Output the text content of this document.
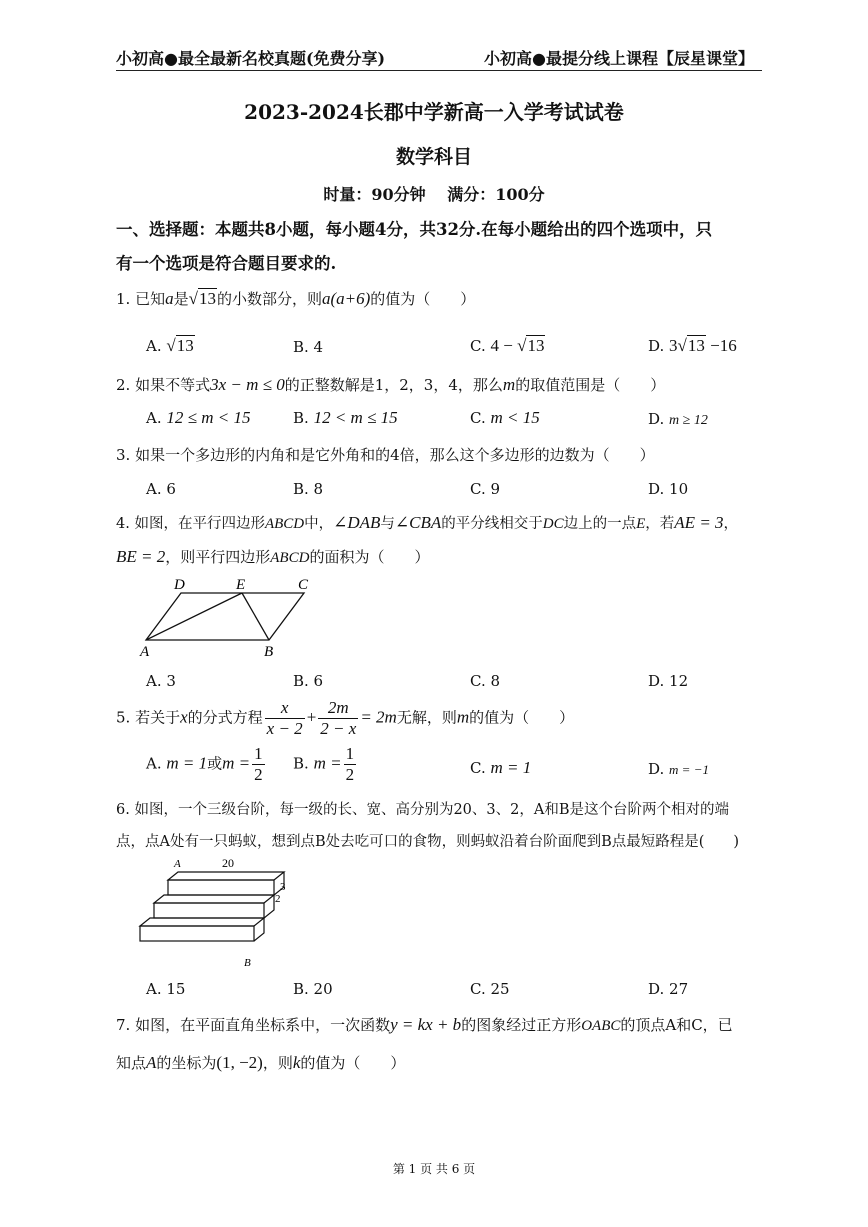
小初高●最全最新名校真题(免费分享)	小初高●最提分线上课程【辰星课堂】
2023-2024长郡中学新高一入学考试试卷
数学科目
时量：90分钟　 满分：100分
一、选择题：本题共8小题，每小题4分，共32分.在每小题给出的四个选项中，只
有一个选项是符合题目要求的.
1. 已知a是√13的小数部分，则a(a+6)的值为（　　）
A. √13	B. 4	C. 4 − √13	D. 3√13 −16
2. 如果不等式3x − m ≤ 0的正整数解是1，2，3，4，那么m的取值范围是（　　）
A. 12 ≤ m < 15	B. 12 < m ≤ 15	C. m < 15	D. m ≥ 12
3. 如果一个多边形的内角和是它外角和的4倍，那么这个多边形的边数为（　　）
A. 6	B. 8	C. 9	D. 10
4. 如图，在平行四边形ABCD中，∠DAB与∠CBA的平分线相交于DC边上的一点E，若AE = 3，
BE = 2，则平行四边形ABCD的面积为（　　）
D	E	C
A	B
A. 3	B. 6	C. 8	D. 12
5. 若关于x的分式方程 $\frac{x}{x - 2} + \frac{2m}{2 - x} = 2m$无解，则m的值为（　　）
A. m = 1或$m = \frac{1}{2} B$. $m = \frac{1}{2}$	C. m = 1	D. m = −1
6. 如图，一个三级台阶，每一级的长、宽、高分别为20、3、2，A和B是这个台阶两个相对的端
点，点A处有一只蚂蚁，想到点B处去吃可口的食物，则蚂蚁沿着台阶面爬到B点最短路程是(　　)
A	20
3
2
B
A. 15	B. 20	C. 25	D. 27
7. 如图，在平面直角坐标系中，一次函数y = kx + b的图象经过正方形OABC的顶点A和C，已
知点A的坐标为(1, −2)，则k的值为（　　）
第 1 页 共 6 页
